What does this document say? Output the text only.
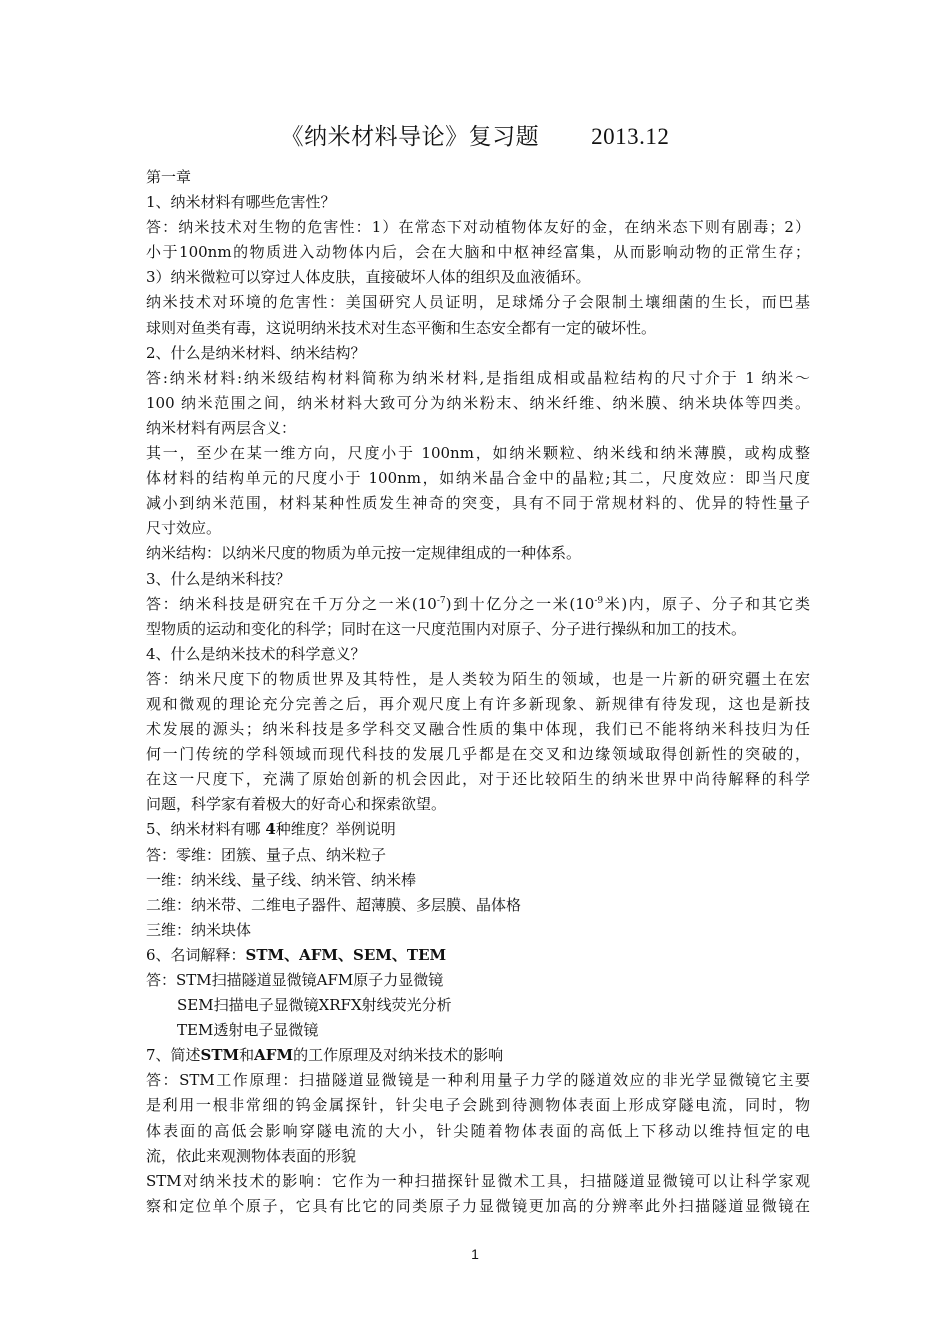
《纳米材料导论》复习题 2013.12
第一章
1、纳米材料有哪些危害性？
答：纳米技术对生物的危害性：1）在常态下对动植物体友好的金，在纳米态下则有剧毒；2）
小于100nm的物质进入动物体内后，会在大脑和中枢神经富集，从而影响动物的正常生存；
3）纳米微粒可以穿过人体皮肤，直接破坏人体的组织及血液循环。
纳米技术对环境的危害性：美国研究人员证明，足球烯分子会限制土壤细菌的生长，而巴基
球则对鱼类有毒，这说明纳米技术对生态平衡和生态安全都有一定的破坏性。
2、什么是纳米材料、纳米结构？
答:纳米材料:纳米级结构材料简称为纳米材料,是指组成相或晶粒结构的尺寸介于 1 纳米～
100 纳米范围之间，纳米材料大致可分为纳米粉末、纳米纤维、纳米膜、纳米块体等四类。
纳米材料有两层含义：
其一，至少在某一维方向，尺度小于 100nm，如纳米颗粒、纳米线和纳米薄膜，或构成整
体材料的结构单元的尺度小于 100nm，如纳米晶合金中的晶粒;其二，尺度效应：即当尺度
减小到纳米范围，材料某种性质发生神奇的突变，具有不同于常规材料的、优异的特性量子
尺寸效应。
纳米结构：以纳米尺度的物质为单元按一定规律组成的一种体系。
3、什么是纳米科技？
答：纳米科技是研究在千万分之一米$(10^{-7})$到十亿分之一米($10^{-9}$米)内，原子、分子和其它类
型物质的运动和变化的科学；同时在这一尺度范围内对原子、分子进行操纵和加工的技术。
4、什么是纳米技术的科学意义？
答：纳米尺度下的物质世界及其特性，是人类较为陌生的领域，也是一片新的研究疆土在宏
观和微观的理论充分完善之后，再介观尺度上有许多新现象、新规律有待发现，这也是新技
术发展的源头；纳米科技是多学科交叉融合性质的集中体现，我们已不能将纳米科技归为任
何一门传统的学科领域而现代科技的发展几乎都是在交叉和边缘领域取得创新性的突破的，
在这一尺度下，充满了原始创新的机会因此，对于还比较陌生的纳米世界中尚待解释的科学
问题，科学家有着极大的好奇心和探索欲望。
5、纳米材料有哪 4种维度？举例说明
答：零维：团簇、量子点、纳米粒子
一维：纳米线、量子线、纳米管、纳米棒
二维：纳米带、二维电子器件、超薄膜、多层膜、晶体格
三维：纳米块体
6、名词解释：STM、AFM、SEM、TEM
答：STM扫描隧道显微镜AFM原子力显微镜
SEM扫描电子显微镜XRFX射线荧光分析
TEM透射电子显微镜
7、简述STM和AFM的工作原理及对纳米技术的影响
答：STM工作原理：扫描隧道显微镜是一种利用量子力学的隧道效应的非光学显微镜它主要
是利用一根非常细的钨金属探针，针尖电子会跳到待测物体表面上形成穿隧电流，同时，物
体表面的高低会影响穿隧电流的大小，针尖随着物体表面的高低上下移动以维持恒定的电
流，依此来观测物体表面的形貌
STM对纳米技术的影响：它作为一种扫描探针显微术工具，扫描隧道显微镜可以让科学家观
察和定位单个原子，它具有比它的同类原子力显微镜更加高的分辨率此外扫描隧道显微镜在
1
